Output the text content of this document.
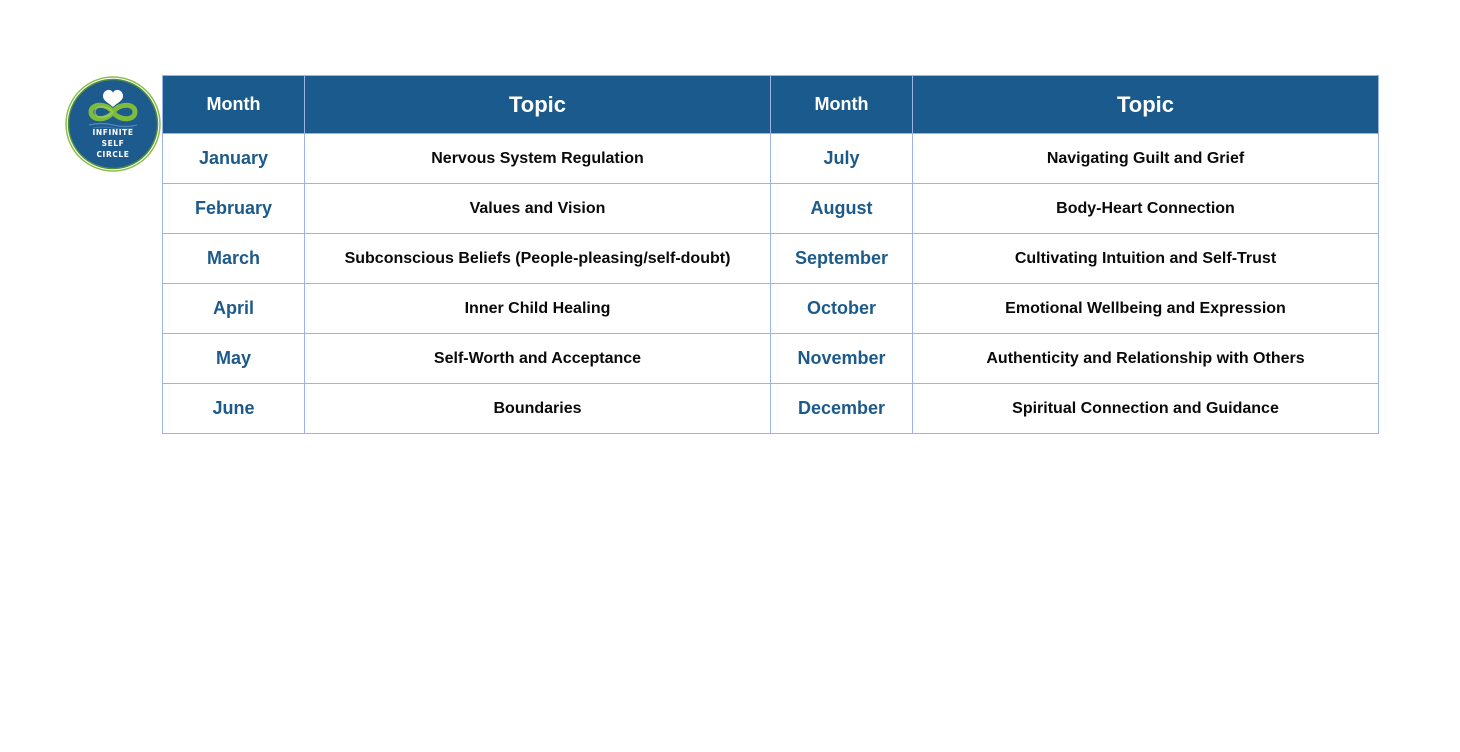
INFINITE
SELF
CIRCLE
Month	Topic	Month	Topic
January	Nervous System Regulation	July	Navigating Guilt and Grief
February	Values and Vision	August	Body-Heart Connection
March	Subconscious Beliefs (People-pleasing/self-doubt)	September	Cultivating Intuition and Self-Trust
April	Inner Child Healing	October	Emotional Wellbeing and Expression
May	Self-Worth and Acceptance	November	Authenticity and Relationship with Others
June	Boundaries	December	Spiritual Connection and Guidance
